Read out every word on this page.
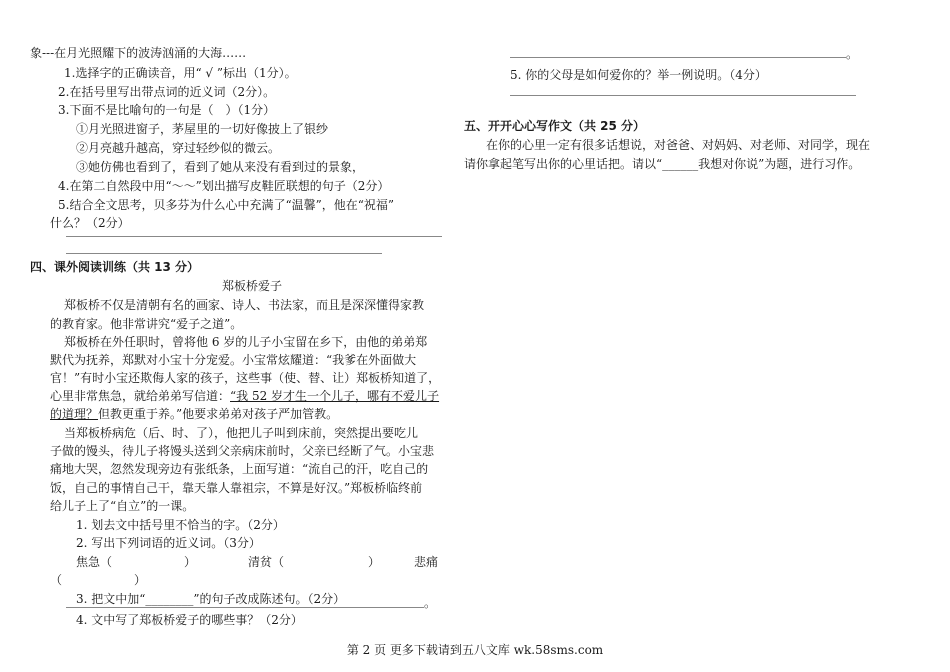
象---在月光照耀下的波涛汹涌的大海……
1.选择字的正确读音，用“ √ ”标出（1分）。
2.在括号里写出带点词的近义词（2分）。
3.下面不是比喻句的一句是（　）（1分）
①月光照进窗子，茅屋里的一切好像披上了银纱
②月亮越升越高，穿过轻纱似的微云。
③她仿佛也看到了，看到了她从来没有看到过的景象，
4.在第二自然段中用“～～”划出描写皮鞋匠联想的句子（2分）
5.结合全文思考，贝多芬为什么心中充满了“温馨”，他在“祝福”
什么？（2分）
四、课外阅读训练（共 13 分）
郑板桥爱子
郑板桥不仅是清朝有名的画家、诗人、书法家，而且是深深懂得家教
的教育家。他非常讲究“爱子之道”。
郑板桥在外任职时，曾将他 6 岁的儿子小宝留在乡下，由他的弟弟郑
默代为抚养，郑默对小宝十分宠爱。小宝常炫耀道：“我爹在外面做大
官！”有时小宝还欺侮人家的孩子，这些事（使、替、让）郑板桥知道了，
心里非常焦急，就给弟弟写信道：“我 52 岁才生一个儿子，哪有不爱儿子
的道理？但教更重于养。”他要求弟弟对孩子严加管教。
当郑板桥病危（后、时、了），他把儿子叫到床前，突然提出要吃儿
子做的馒头，待儿子将馒头送到父亲病床前时，父亲已经断了气。小宝悲
痛地大哭，忽然发现旁边有张纸条，上面写道：“流自己的汗，吃自己的
饭，自己的事情自己干，靠天靠人靠祖宗，不算是好汉。”郑板桥临终前
给儿子上了“自立”的一课。
1. 划去文中括号里不恰当的字。（2分）
2. 写出下列词语的近义词。（3分）
焦急（　　　　　　）	清贫（　　　　　　　）	悲痛
（　　　　　　）
3. 把文中加“________”的句子改成陈述句。（2分）	。
4. 文中写了郑板桥爱子的哪些事？（2分）
。
5. 你的父母是如何爱你的？举一例说明。（4分）
五、开开心心写作文（共 25 分）
在你的心里一定有很多话想说，对爸爸、对妈妈、对老师、对同学，现在
请你拿起笔写出你的心里话把。请以“______我想对你说”为题，进行习作。
第 2 页 更多下载请到五八文库 wk.58sms.com
